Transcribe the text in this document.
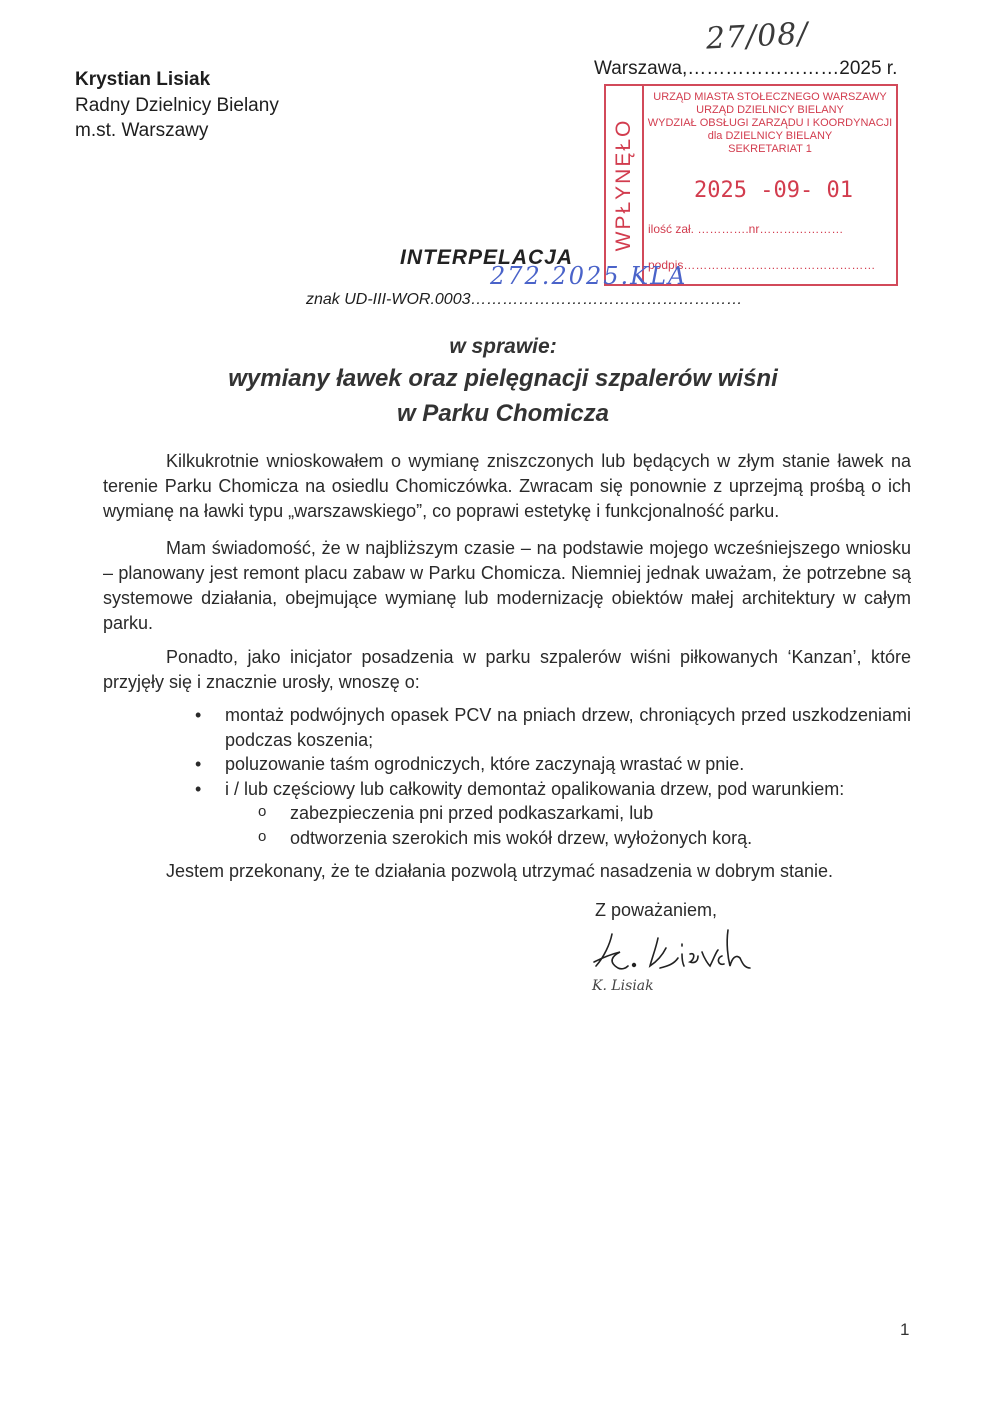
Krystian Lisiak
Radny Dzielnicy Bielany
m.st. Warszawy
Warszawa,……………………2025 r.
27/08/
WPŁYNĘŁO
URZĄD MIASTA STOŁECZNEGO WARSZAWY
URZĄD DZIELNICY BIELANY
WYDZIAŁ OBSŁUGI ZARZĄDU I KOORDYNACJI
dla DZIELNICY BIELANY
SEKRETARIAT 1
2025 -09- 01
ilość zał. ………….nr…………………
podpis…………………………………………
INTERPELACJA
znak UD-III-WOR.0003……………………………………………
272.2025.KLA
w sprawie:
wymiany ławek oraz pielęgnacji szpalerów wiśni
w Parku Chomicza

Kilkukrotnie wnioskowałem o wymianę zniszczonych lub będących w złym stanie ławek na terenie Parku Chomicza na osiedlu Chomiczówka. Zwracam się ponownie z uprzejmą prośbą o ich wymianę na ławki typu „warszawskiego”, co poprawi estetykę i funkcjonalność parku.

Mam świadomość, że w najbliższym czasie – na podstawie mojego wcześniejszego wniosku – planowany jest remont placu zabaw w Parku Chomicza. Niemniej jednak uważam, że potrzebne są systemowe działania, obejmujące wymianę lub modernizację obiektów małej architektury w całym parku.

Ponadto, jako inicjator posadzenia w parku szpalerów wiśni piłkowanych ‘Kanzan’, które przyjęły się i znacznie urosły, wnoszę o:

• montaż podwójnych opasek PCV na pniach drzew, chroniących przed uszkodzeniami podczas koszenia;
• poluzowanie taśm ogrodniczych, które zaczynają wrastać w pnie.
• i / lub częściowy lub całkowity demontaż opalikowania drzew, pod warunkiem:
o zabezpieczenia pni przed podkaszarkami, lub
o odtworzenia szerokich mis wokół drzew, wyłożonych korą.
Jestem przekonany, że te działania pozwolą utrzymać nasadzenia w dobrym stanie.
Z poważaniem,
K. Lisiak
1
